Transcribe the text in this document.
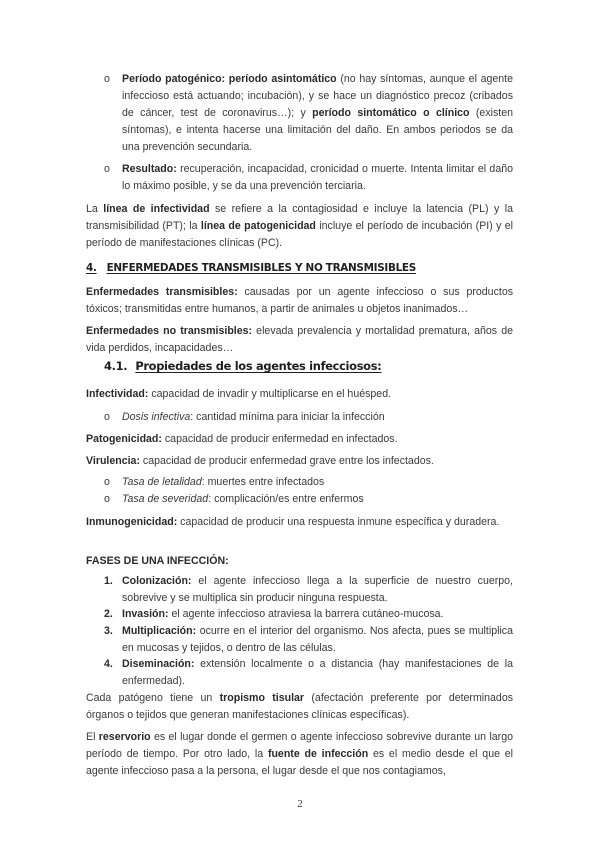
o Período patogénico: período asintomático (no hay síntomas, aunque el agente infeccioso está actuando; incubación), y se hace un diagnóstico precoz (cribados de cáncer, test de coronavirus…); y período sintomático o clínico (existen síntomas), e intenta hacerse una limitación del daño. En ambos periodos se da una prevención secundaria.

o Resultado: recuperación, incapacidad, cronicidad o muerte. Intenta limitar el daño lo máximo posible, y se da una prevención terciaria.

La línea de infectividad se refiere a la contagiosidad e incluye la latencia (PL) y la transmisibilidad (PT); la línea de patogenicidad incluye el período de incubación (PI) y el período de manifestaciones clínicas (PC).

4. ENFERMEDADES TRANSMISIBLES Y NO TRANSMISIBLES

Enfermedades transmisibles: causadas por un agente infeccioso o sus productos tóxicos; transmitidas entre humanos, a partir de animales u objetos inanimados…

Enfermedades no transmisibles: elevada prevalencia y mortalidad prematura, años de vida perdidos, incapacidades…

4.1. Propiedades de los agentes infecciosos:

Infectividad: capacidad de invadir y multiplicarse en el huésped.

o Dosis infectiva: cantidad mínima para iniciar la infección

Patogenicidad: capacidad de producir enfermedad en infectados.

Virulencia: capacidad de producir enfermedad grave entre los infectados.

o Tasa de letalidad: muertes entre infectados

o Tasa de severidad: complicación/es entre enfermos

Inmunogenicidad: capacidad de producir una respuesta inmune específica y duradera.

FASES DE UNA INFECCIÓN:

1. Colonización: el agente infeccioso llega a la superficie de nuestro cuerpo, sobrevive y se multiplica sin producir ninguna respuesta.

2. Invasión: el agente infeccioso atraviesa la barrera cutáneo-mucosa.

3. Multiplicación: ocurre en el interior del organismo. Nos afecta, pues se multiplica en mucosas y tejidos, o dentro de las células.

4. Diseminación: extensión localmente o a distancia (hay manifestaciones de la enfermedad).

Cada patógeno tiene un tropismo tisular (afectación preferente por determinados órganos o tejidos que generan manifestaciones clínicas específicas).

El reservorio es el lugar donde el germen o agente infeccioso sobrevive durante un largo período de tiempo. Por otro lado, la fuente de infección es el medio desde el que el agente infeccioso pasa a la persona, el lugar desde el que nos contagiamos,

2
